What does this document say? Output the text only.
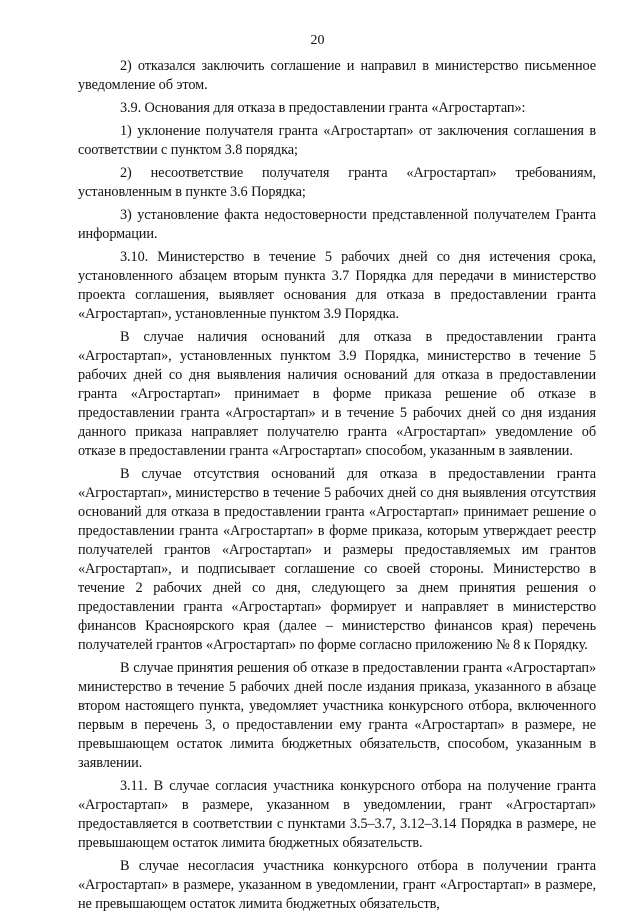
20

2) отказался заключить соглашение и направил в министерство письменное уведомление об этом.

3.9. Основания для отказа в предоставлении гранта «Агростартап»:

1) уклонение получателя гранта «Агростартап» от заключения соглашения в соответствии с пунктом 3.8 порядка;

2) несоответствие получателя гранта «Агростартап» требованиям, установленным в пункте 3.6 Порядка;

3) установление факта недостоверности представленной получателем Гранта информации.

3.10. Министерство в течение 5 рабочих дней со дня истечения срока, установленного абзацем вторым пункта 3.7 Порядка для передачи в министерство проекта соглашения, выявляет основания для отказа в предоставлении гранта «Агростартап», установленные пунктом 3.9 Порядка.

В случае наличия оснований для отказа в предоставлении гранта «Агростартап», установленных пунктом 3.9 Порядка, министерство в течение 5 рабочих дней со дня выявления наличия оснований для отказа в предоставлении гранта «Агростартап» принимает в форме приказа решение об отказе в предоставлении гранта «Агростартап» и в течение 5 рабочих дней со дня издания данного приказа направляет получателю гранта «Агростартап» уведомление об отказе в предоставлении гранта «Агростартап» способом, указанным в заявлении.

В случае отсутствия оснований для отказа в предоставлении гранта «Агростартап», министерство в течение 5 рабочих дней со дня выявления отсутствия оснований для отказа в предоставлении гранта «Агростартап» принимает решение о предоставлении гранта «Агростартап» в форме приказа, которым утверждает реестр получателей грантов «Агростартап» и размеры предоставляемых им грантов «Агростартап», и подписывает соглашение со своей стороны. Министерство в течение 2 рабочих дней со дня, следующего за днем принятия решения о предоставлении гранта «Агростартап» формирует и направляет в министерство финансов Красноярского края (далее – министерство финансов края) перечень получателей грантов «Агростартап» по форме согласно приложению № 8 к Порядку.

В случае принятия решения об отказе в предоставлении гранта «Агростартап» министерство в течение 5 рабочих дней после издания приказа, указанного в абзаце втором настоящего пункта, уведомляет участника конкурсного отбора, включенного первым в перечень 3, о предоставлении ему гранта «Агростартап» в размере, не превышающем остаток лимита бюджетных обязательств, способом, указанным в заявлении.

3.11. В случае согласия участника конкурсного отбора на получение гранта «Агростартап» в размере, указанном в уведомлении, грант «Агростартап» предоставляется в соответствии с пунктами 3.5–3.7, 3.12–3.14 Порядка в размере, не превышающем остаток лимита бюджетных обязательств.

В случае несогласия участника конкурсного отбора в получении гранта «Агростартап» в размере, указанном в уведомлении, грант «Агростартап» в размере, не превышающем остаток лимита бюджетных обязательств,
